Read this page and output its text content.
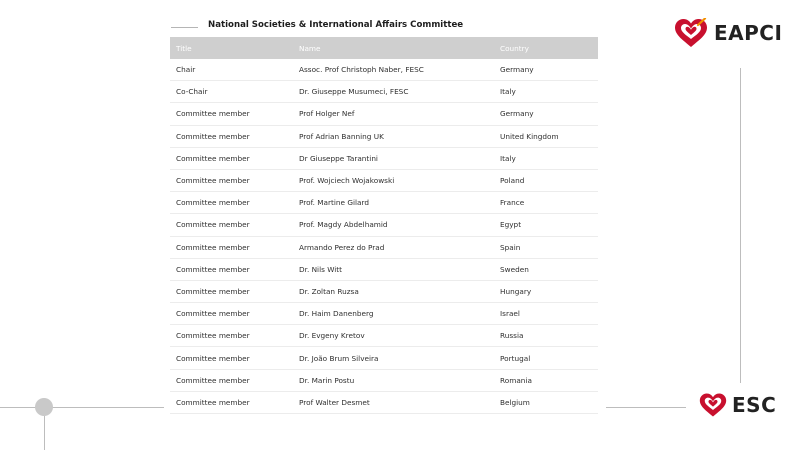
National Societies & International Affairs Committee
Title	Name	Country
Chair	Assoc. Prof Christoph Naber, FESC	Germany
Co-Chair	Dr. Giuseppe Musumeci, FESC	Italy
Committee member	Prof Holger Nef	Germany
Committee member	Prof Adrian Banning UK	United Kingdom
Committee member	Dr Giuseppe Tarantini	Italy
Committee member	Prof. Wojciech Wojakowski	Poland
Committee member	Prof. Martine Gilard	France
Committee member	Prof. Magdy Abdelhamid	Egypt
Committee member	Armando Perez do Prad	Spain
Committee member	Dr. Nils Witt	Sweden
Committee member	Dr. Zoltan Ruzsa	Hungary
Committee member	Dr. Haim Danenberg	Israel
Committee member	Dr. Evgeny Kretov	Russia
Committee member	Dr. João Brum Silveira	Portugal
Committee member	Dr. Marin Postu	Romania
Committee member	Prof Walter Desmet	Belgium
EAPCI
ESC
